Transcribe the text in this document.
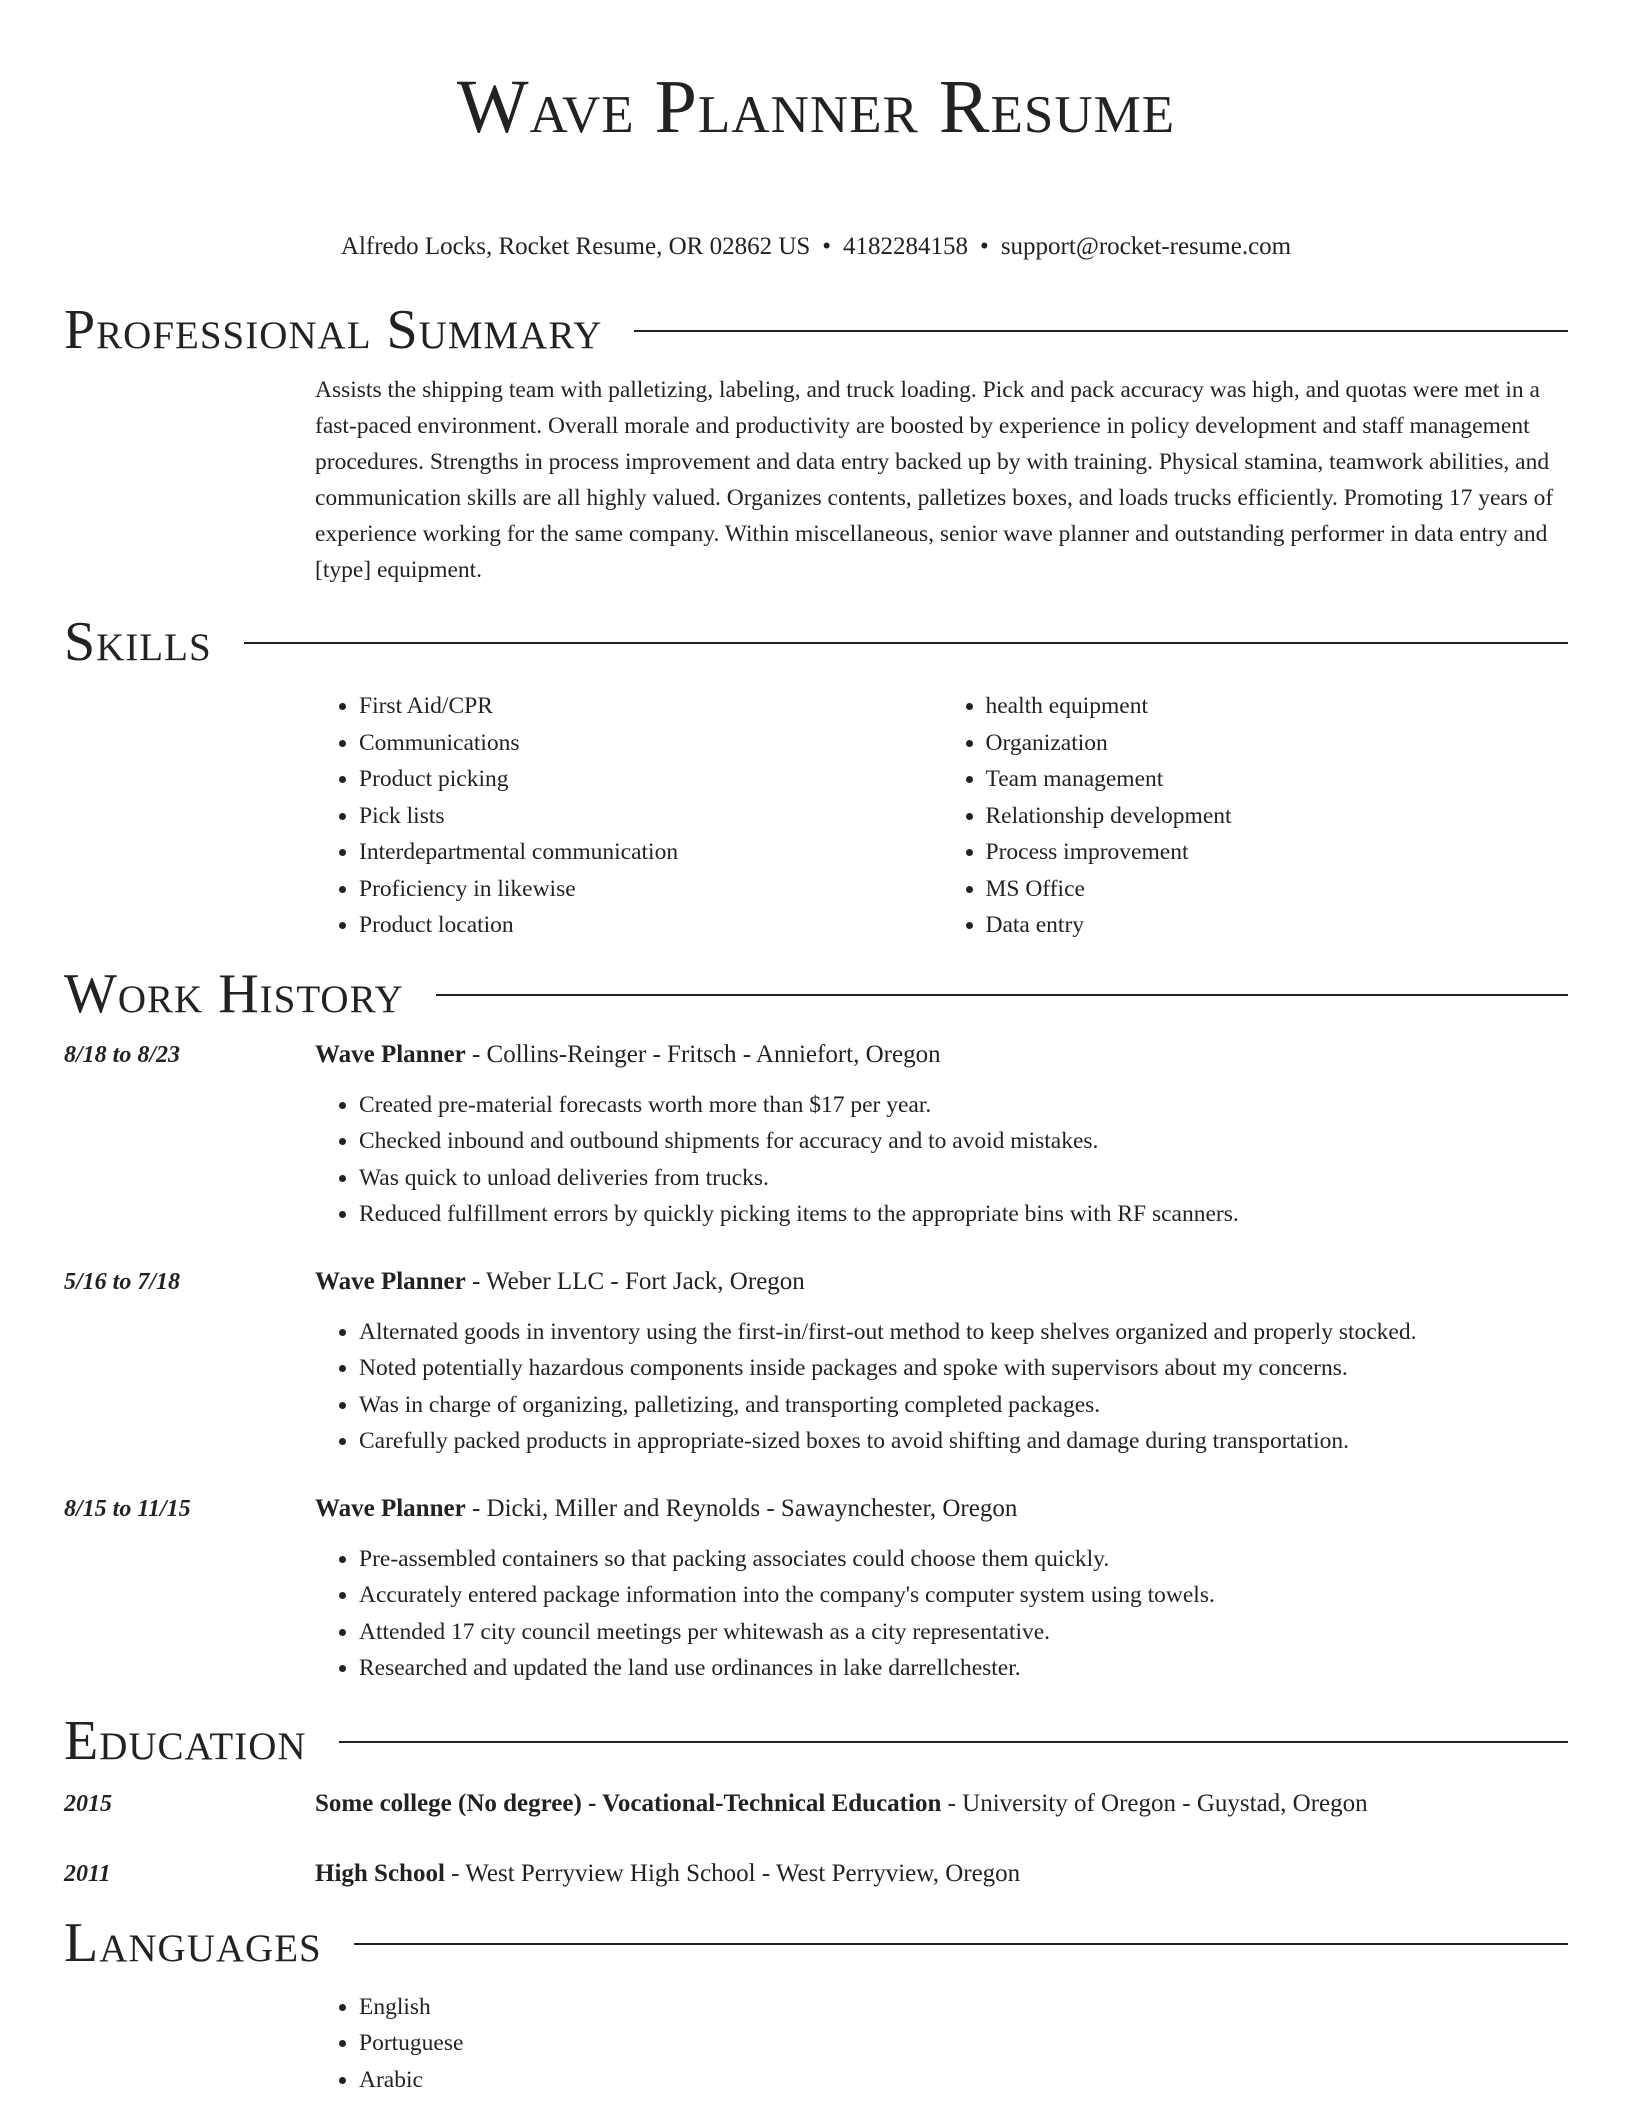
Wave Planner Resume
Alfredo Locks, Rocket Resume, OR 02862 US • 4182284158 • support@rocket-resume.com
Professional Summary

Assists the shipping team with palletizing, labeling, and truck loading. Pick and pack accuracy was high, and quotas were met in a fast-paced environment. Overall morale and productivity are boosted by experience in policy development and staff management procedures. Strengths in process improvement and data entry backed up by with training. Physical stamina, teamwork abilities, and communication skills are all highly valued. Organizes contents, palletizes boxes, and loads trucks efficiently. Promoting 17 years of experience working for the same company. Within miscellaneous, senior wave planner and outstanding performer in data entry and [type] equipment.

Skills
• First Aid/CPR
• Communications
• Product picking
• Pick lists
• Interdepartmental communication
• Proficiency in likewise
• Product location
• health equipment
• Organization
• Team management
• Relationship development
• Process improvement
• MS Office
• Data entry
Work History
8/18 to 8/23	Wave Planner - Collins-Reinger - Fritsch - Anniefort, Oregon
• Created pre-material forecasts worth more than $17 per year.
• Checked inbound and outbound shipments for accuracy and to avoid mistakes.
• Was quick to unload deliveries from trucks.
• Reduced fulfillment errors by quickly picking items to the appropriate bins with RF scanners.
5/16 to 7/18	Wave Planner - Weber LLC - Fort Jack, Oregon
• Alternated goods in inventory using the first-in/first-out method to keep shelves organized and properly stocked.
• Noted potentially hazardous components inside packages and spoke with supervisors about my concerns.
• Was in charge of organizing, palletizing, and transporting completed packages.
• Carefully packed products in appropriate-sized boxes to avoid shifting and damage during transportation.
8/15 to 11/15	Wave Planner - Dicki, Miller and Reynolds - Sawaynchester, Oregon
• Pre-assembled containers so that packing associates could choose them quickly.
• Accurately entered package information into the company's computer system using towels.
• Attended 17 city council meetings per whitewash as a city representative.
• Researched and updated the land use ordinances in lake darrellchester.
Education
2015	Some college (No degree) - Vocational-Technical Education - University of Oregon - Guystad, Oregon
2011	High School - West Perryview High School - West Perryview, Oregon
Languages
• English
• Portuguese
• Arabic
